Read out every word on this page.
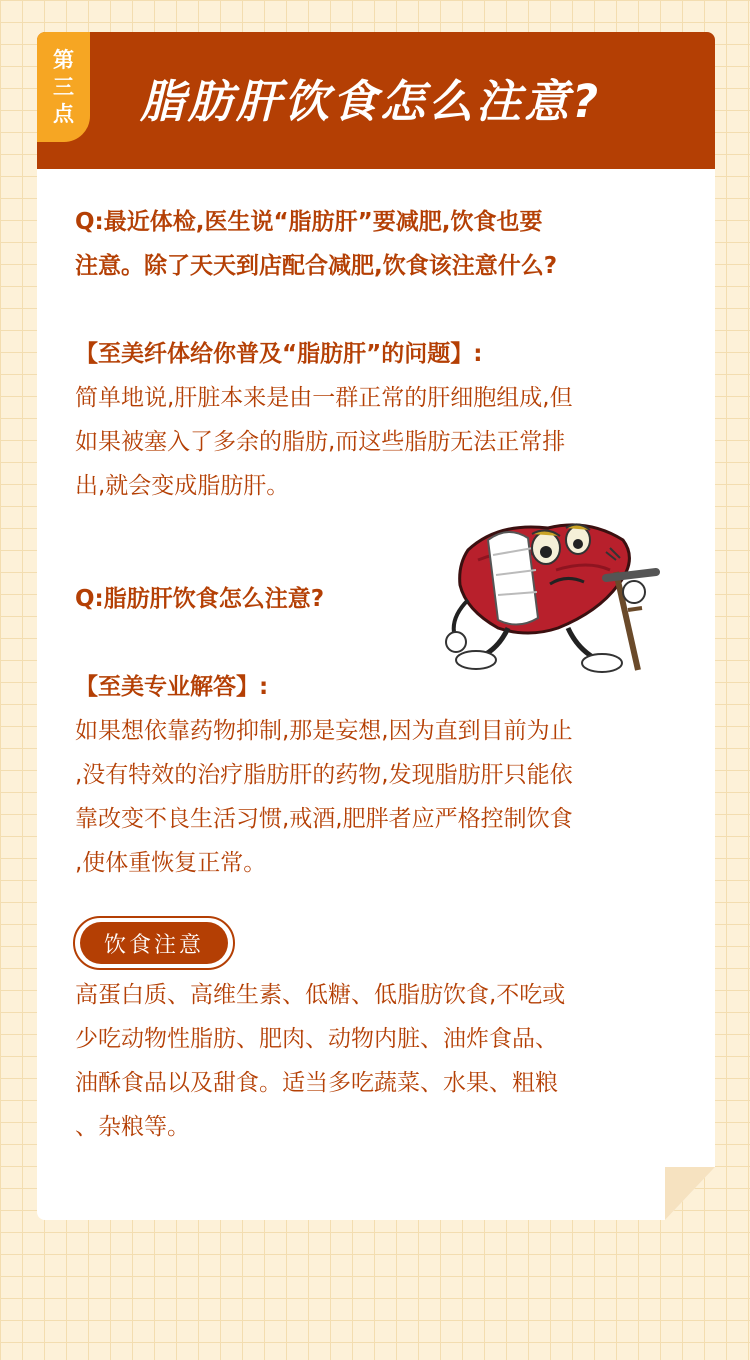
第
三
点 脂肪肝饮食怎么注意?
Q:最近体检,医生说“脂肪肝”要减肥,饮食也要
注意。除了天天到店配合减肥,饮食该注意什么?
【至美纤体给你普及“脂肪肝”的问题】:
简单地说,肝脏本来是由一群正常的肝细胞组成,但
如果被塞入了多余的脂肪,而这些脂肪无法正常排
出,就会变成脂肪肝。
Q:脂肪肝饮食怎么注意?
【至美专业解答】:
如果想依靠药物抑制,那是妄想,因为直到目前为止
,没有特效的治疗脂肪肝的药物,发现脂肪肝只能依
靠改变不良生活习惯,戒酒,肥胖者应严格控制饮食
,使体重恢复正常。
饮食注意
高蛋白质、高维生素、低糖、低脂肪饮食,不吃或
少吃动物性脂肪、肥肉、动物内脏、油炸食品、
油酥食品以及甜食。适当多吃蔬菜、水果、粗粮
、杂粮等。
